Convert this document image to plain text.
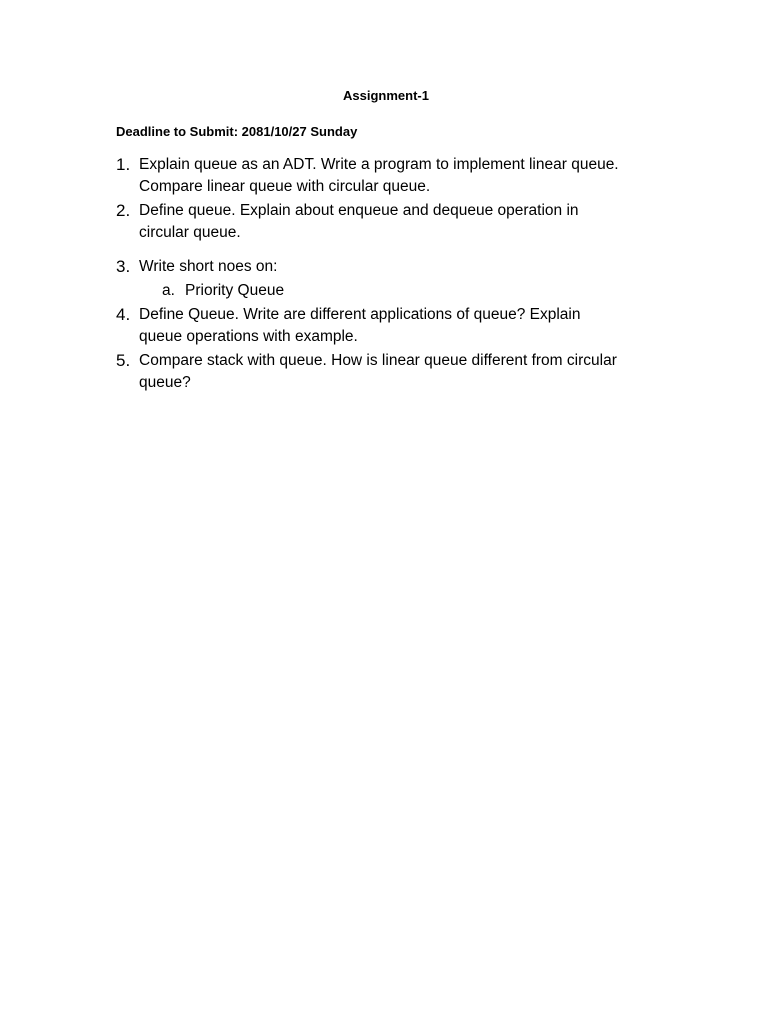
Assignment-1
Deadline to Submit: 2081/10/27 Sunday
1. Explain queue as an ADT. Write a program to implement linear queue.
Compare linear queue with circular queue.
2. Define queue. Explain about enqueue and dequeue operation in
circular queue.
3. Write short noes on:
a. Priority Queue
4. Define Queue. Write are different applications of queue? Explain
queue operations with example.
5. Compare stack with queue. How is linear queue different from circular
queue?
